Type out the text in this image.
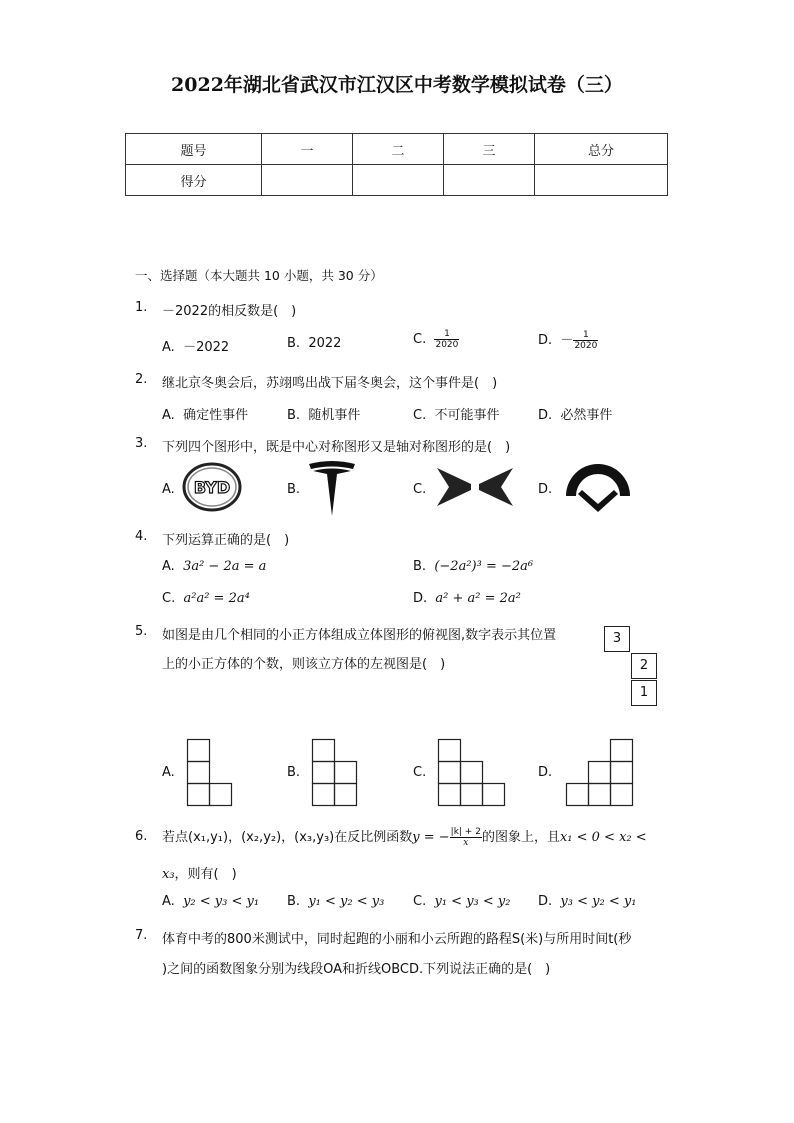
2022年湖北省武汉市江汉区中考数学模拟试卷（三）
题号	一	二	三	总分
得分				
一、选择题（本大题共 10 小题，共 30 分）
1. －2022的相反数是(　)
A. －2022	B. 2022	C. $\frac{1}{2020}$	D. － $\frac{1}{2020}$
2. 继北京冬奥会后，苏翊鸣出战下届冬奥会，这个事件是(　)
A. 确定性事件	B. 随机事件	C. 不可能事件	D. 必然事件
3. 下列四个图形中，既是中心对称图形又是轴对称图形的是(　)
A.	B.	C.	D.
BYD
4. 下列运算正确的是(　)
A. 3a² − 2a = a	B. (−2a²)³ = −2a⁶
C. a²a² = 2a⁴	D. a² + a² = 2a²
5. 如图是由几个相同的小正方体组成立体图形的俯视图,数字表示其位置
上的小正方体的个数，则该立方体的左视图是(　)
3
2
1
A.	B.	C.	D.
6. 若点(x₁,y₁)，(x₂,y₂)，(x₃,y₃)在反比例函数y = − $\frac{|k| + 2}{x}$ 的图象上，且x₁ < 0 < x₂ <
x₃，则有(　)
A. y₂ < y₃ < y₁ B. y₁ < y₂ < y₃ C. y₁ < y₃ < y₂ D. y₃ < y₂ < y₁
7. 体育中考的800米测试中，同时起跑的小丽和小云所跑的路程S(米)与所用时间t(秒
)之间的函数图象分别为线段OA和折线OBCD.下列说法正确的是(　)
